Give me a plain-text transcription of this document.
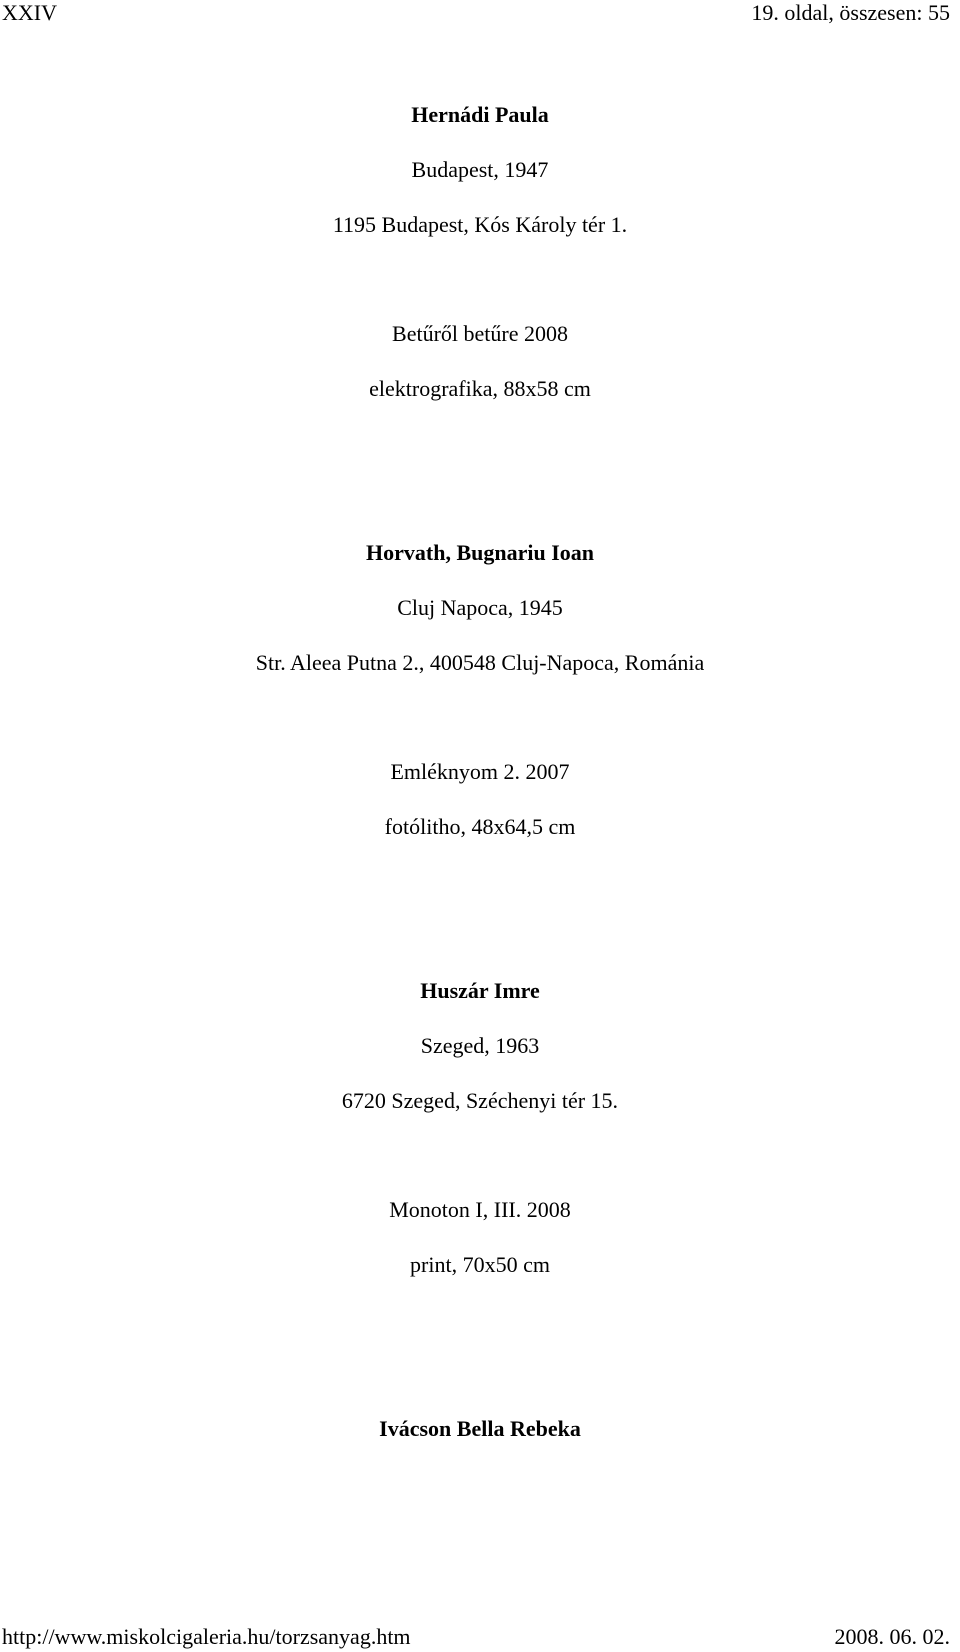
XXIV	19. oldal, összesen: 55
Hernádi Paula
Budapest, 1947
1195 Budapest, Kós Károly tér 1.
Betűről betűre 2008
elektrografika, 88x58 cm
Horvath, Bugnariu Ioan
Cluj Napoca, 1945
Str. Aleea Putna 2., 400548 Cluj-Napoca, Románia
Emléknyom 2. 2007
fotólitho, 48x64,5 cm
Huszár Imre
Szeged, 1963
6720 Szeged, Széchenyi tér 15.
Monoton I, III. 2008
print, 70x50 cm
Ivácson Bella Rebeka
http://www.miskolcigaleria.hu/torzsanyag.htm	2008. 06. 02.
